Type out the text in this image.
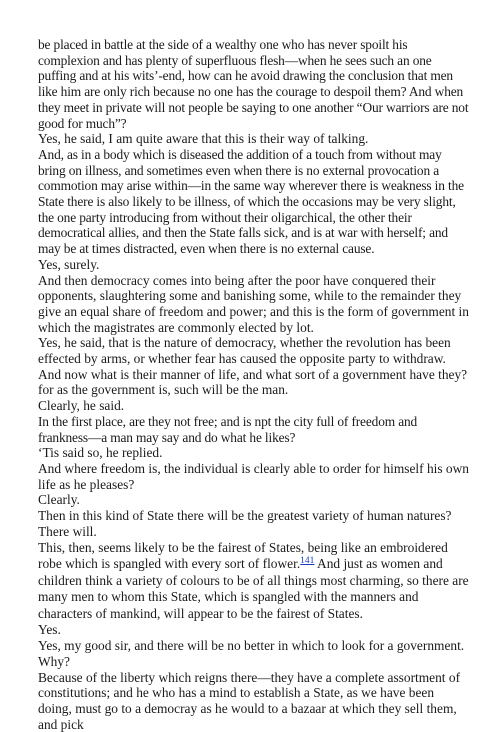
be placed in battle at the side of a wealthy one who has never spoilt his complexion and has plenty of superfluous flesh—when he sees such an one puffing and at his wits’-end, how can he avoid drawing the conclusion that men like him are only rich because no one has the courage to despoil them? And when they meet in private will not people be saying to one another “Our warriors are not good for much”?

Yes, he said, I am quite aware that this is their way of talking.

And, as in a body which is diseased the addition of a touch from without may bring on illness, and sometimes even when there is no external provocation a commotion may arise within—in the same way wherever there is weakness in the State there is also likely to be illness, of which the occasions may be very slight, the one party introducing from without their oligarchical, the other their democratical allies, and then the State falls sick, and is at war with herself; and may be at times distracted, even when there is no external cause.

Yes, surely.

And then democracy comes into being after the poor have conquered their opponents, slaughtering some and banishing some, while to the remainder they give an equal share of freedom and power; and this is the form of government in which the magistrates are commonly elected by lot.

Yes, he said, that is the nature of democracy, whether the revolution has been effected by arms, or whether fear has caused the opposite party to withdraw.

And now what is their manner of life, and what sort of a government have they? for as the government is, such will be the man.

Clearly, he said.

In the first place, are they not free; and is npt the city full of freedom and frankness—a man may say and do what he likes?

‘Tis said so, he replied.

And where freedom is, the individual is clearly able to order for himself his own life as he pleases?

Clearly.

Then in this kind of State there will be the greatest variety of human natures?

There will.

This, then, seems likely to be the fairest of States, being like an embroidered robe which is spangled with every sort of flower.$^{141}$ And just as women and children think a variety of colours to be of all things most charming, so there are many men to whom this State, which is spangled with the manners and characters of mankind, will appear to be the fairest of States.

Yes.

Yes, my good sir, and there will be no better in which to look for a government.

Why?

Because of the liberty which reigns there—they have a complete assortment of constitutions; and he who has a mind to establish a State, as we have been doing, must go to a democray as he would to a bazaar at which they sell them, and pick
